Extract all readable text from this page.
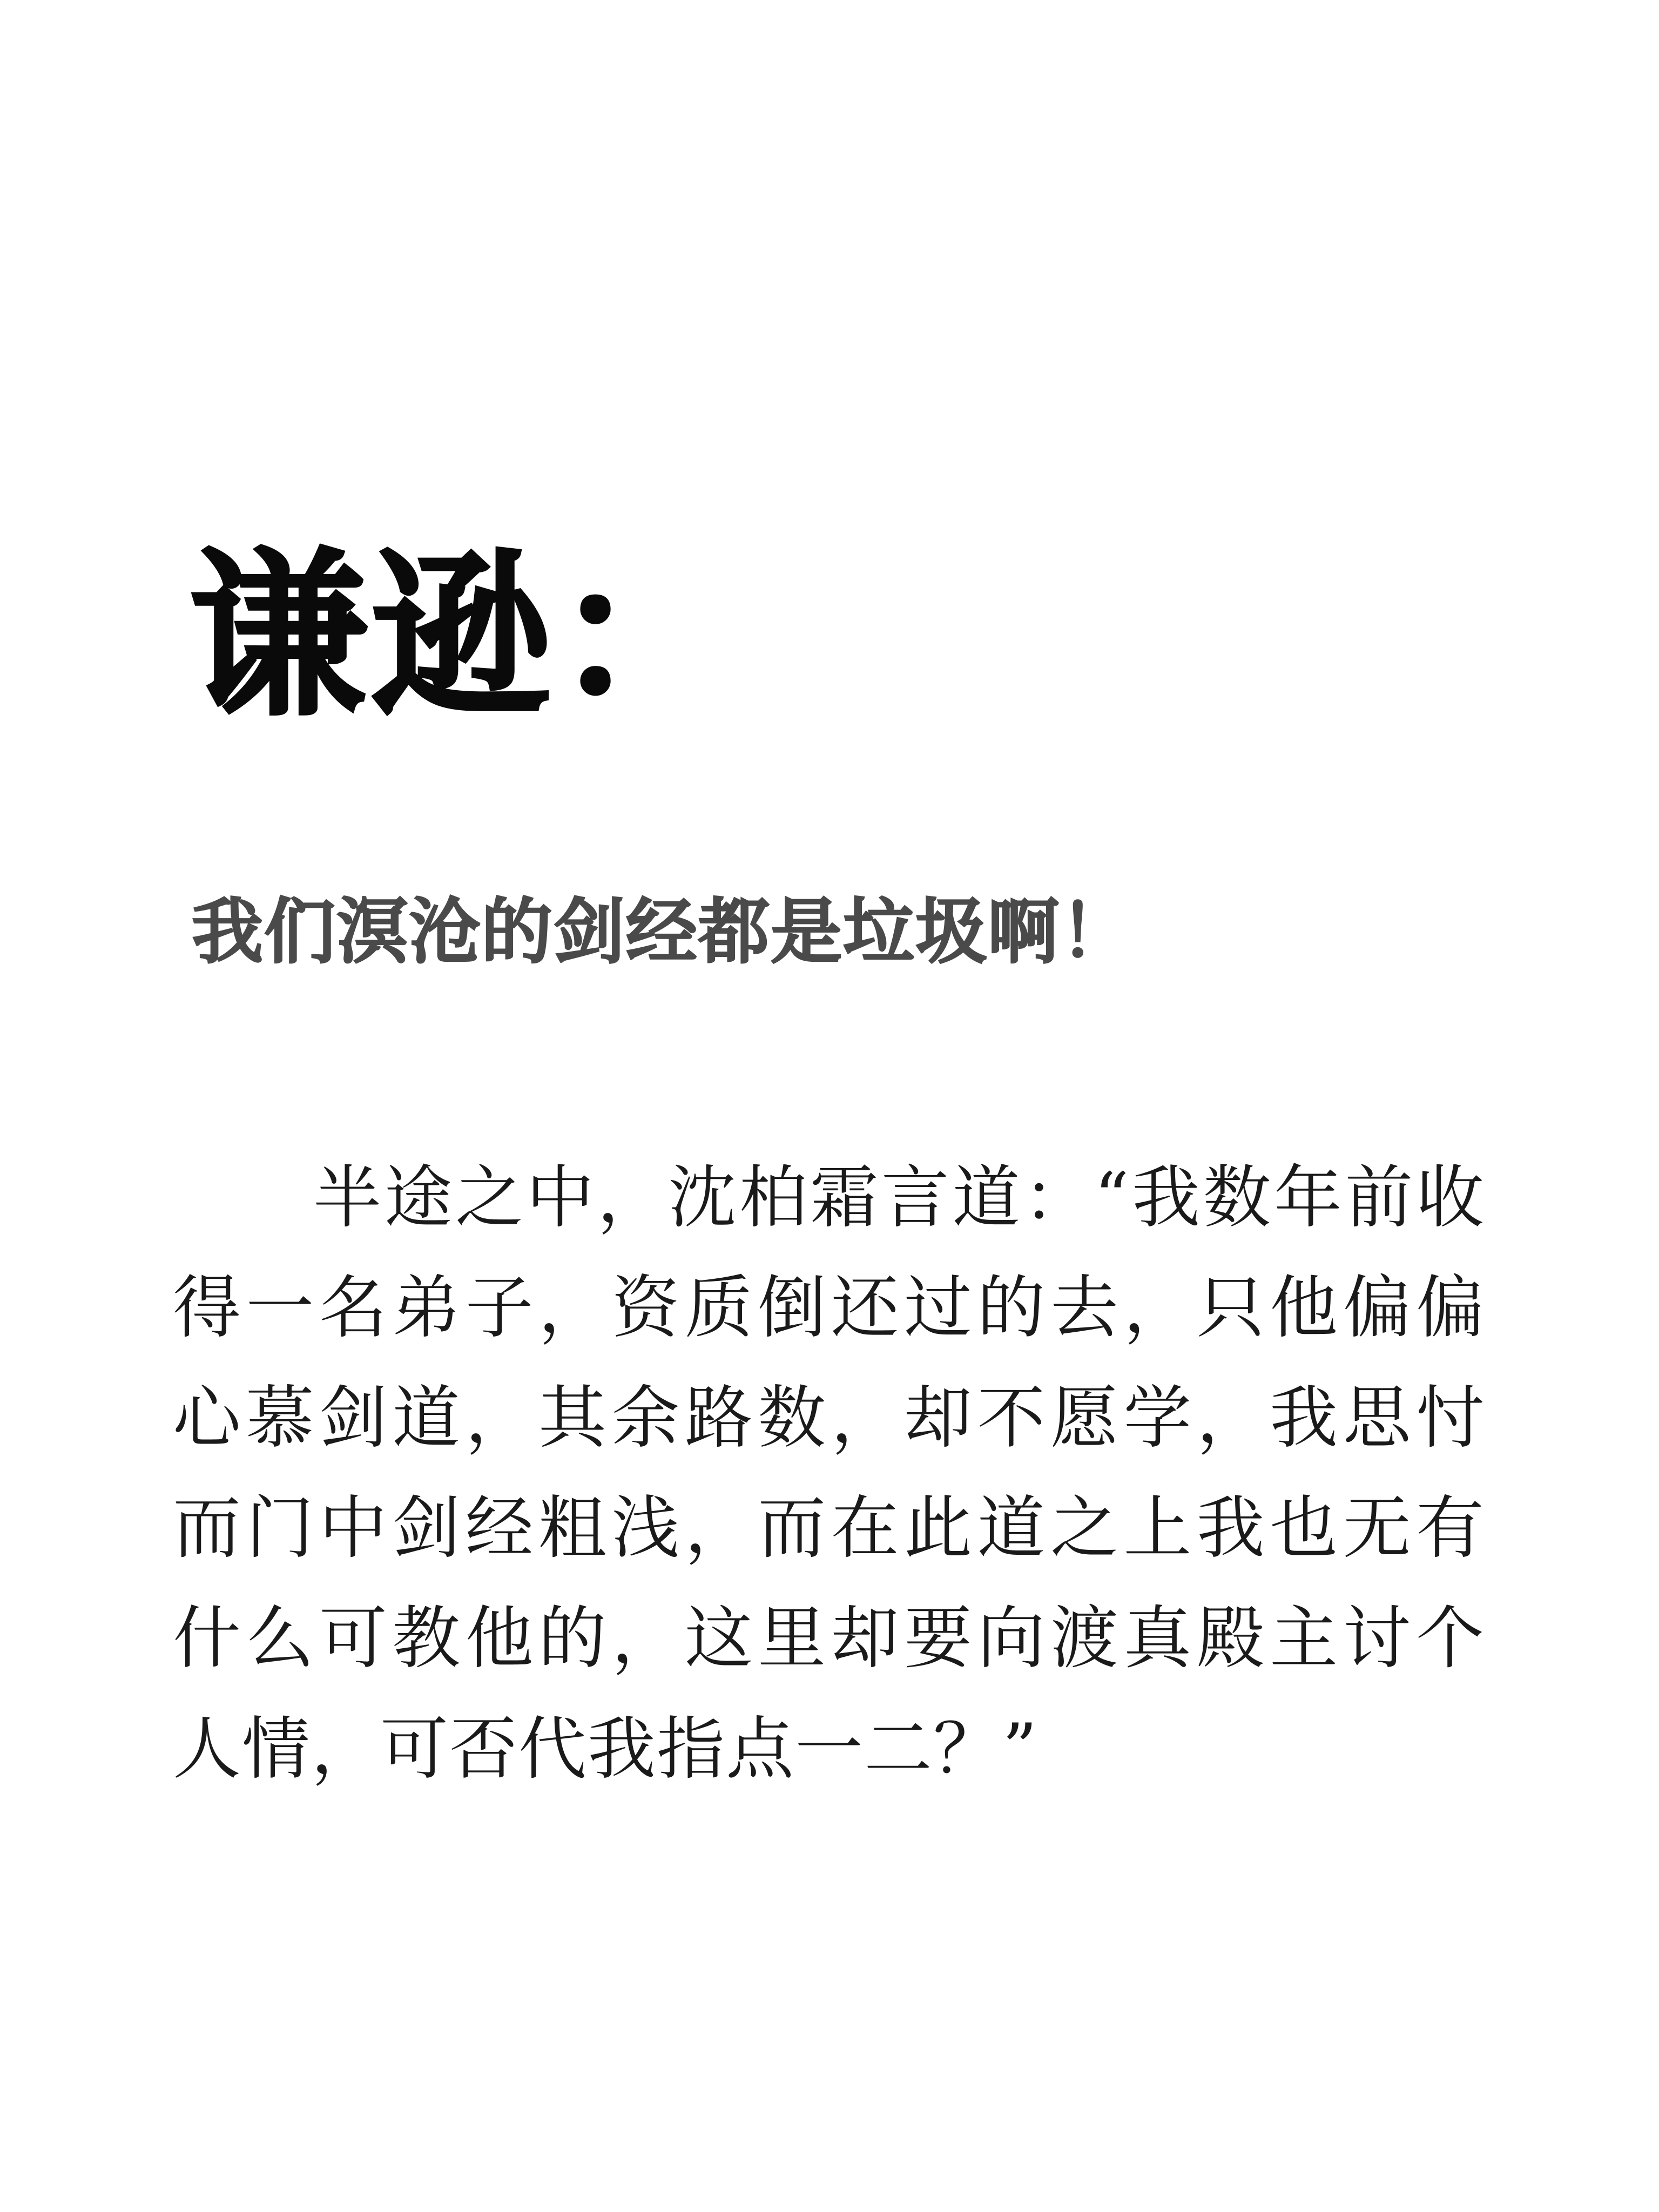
谦逊：
我们溟沧的剑经都是垃圾啊！

半途之中，沈柏霜言道：“我数年前收得一名弟子，资质倒还过的去，只他偏偏心慕剑道，其余路数，却不愿学，我思忖而门中剑经粗浅，而在此道之上我也无有什么可教他的，这里却要向渡真殿主讨个人情，可否代我指点一二？”
